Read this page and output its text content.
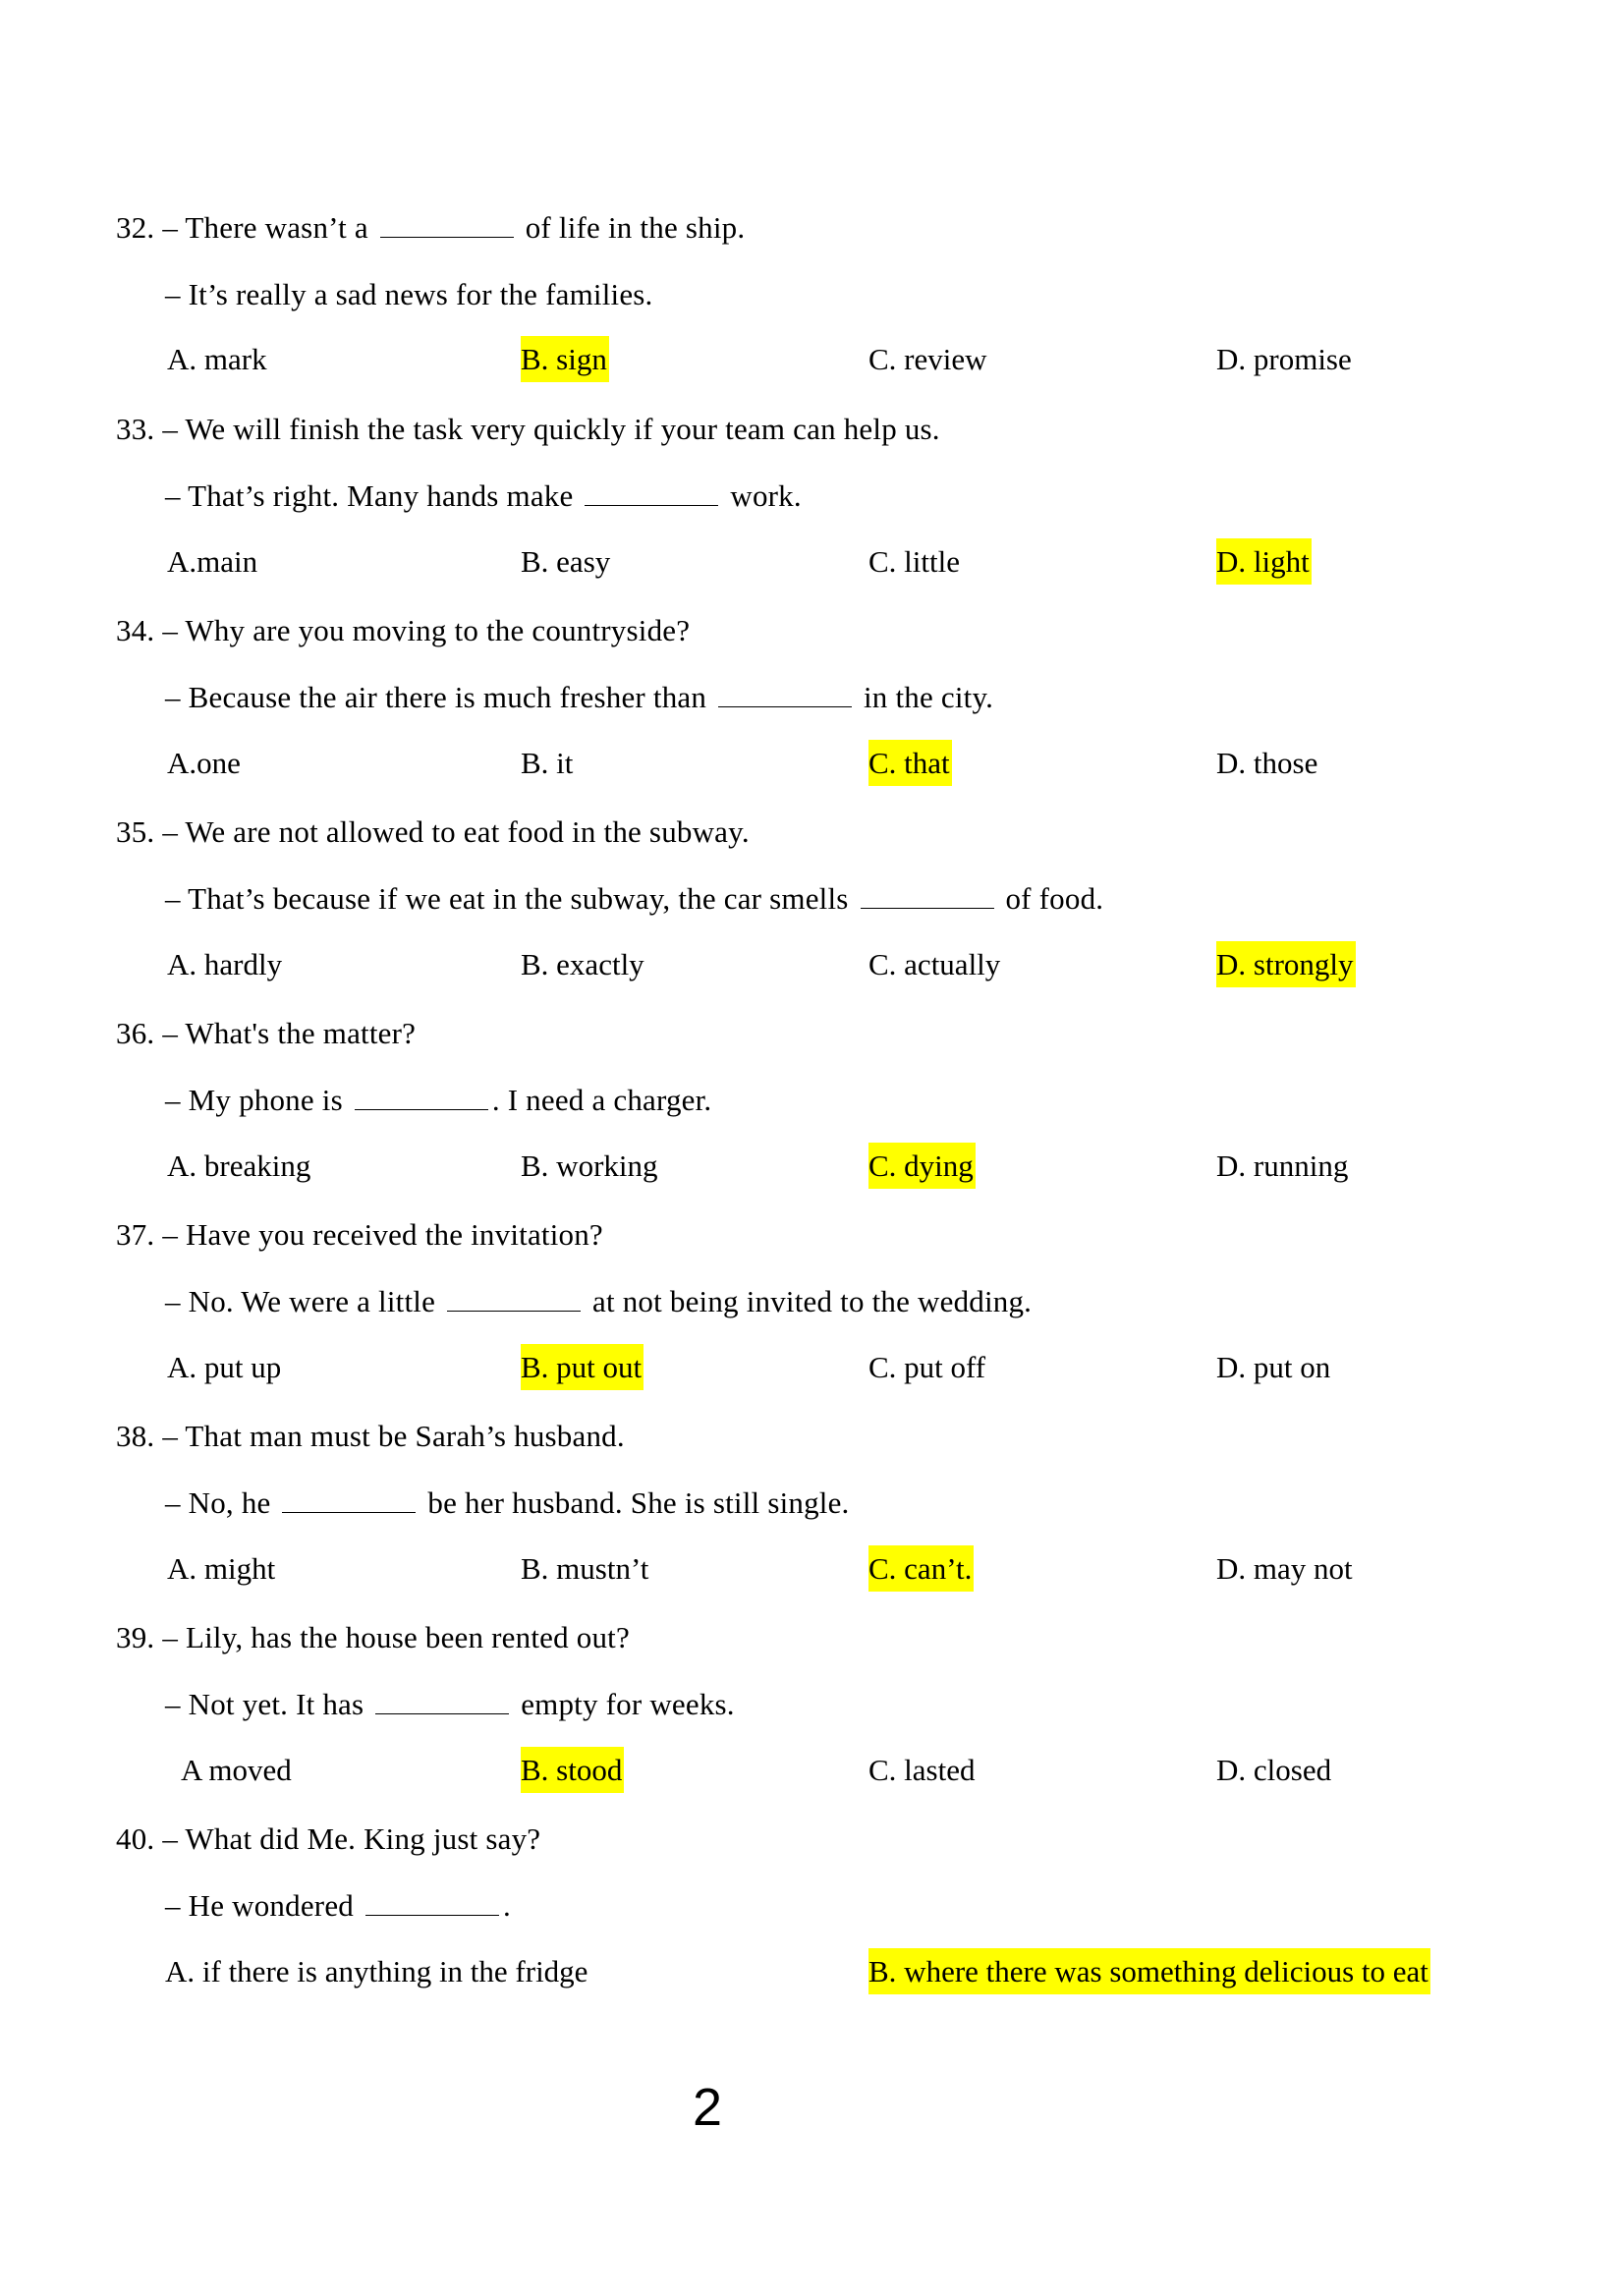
32. – There wasn’t a	of life in the ship.
– It’s really a sad news for the families.
A. mark	B. sign	C. review	D. promise
33. – We will finish the task very quickly if your team can help us.
– That’s right. Many hands make	work.
A.main	B. easy	C. little	D. light
34. – Why are you moving to the countryside?
– Because the air there is much fresher than	in the city.
A.one	B. it	C. that	D. those
35. – We are not allowed to eat food in the subway.
– That’s because if we eat in the subway, the car smells	of food.
A. hardly	B. exactly	C. actually	D. strongly
36. – What's the matter?
– My phone is	. I need a charger.
A. breaking	B. working	C. dying	D. running
37. – Have you received the invitation?
– No. We were a little	at not being invited to the wedding.
A. put up	B. put out	C. put off	D. put on
38. – That man must be Sarah’s husband.
– No, he	be her husband. She is still single.
A. might	B. mustn’t	C. can’t.	D. may not
39. – Lily, has the house been rented out?
– Not yet. It has	empty for weeks.
A moved	B. stood	C. lasted	D. closed
40. – What did Me. King just say?
– He wondered	.
A. if there is anything in the fridge	B. where there was something delicious to eat
2
